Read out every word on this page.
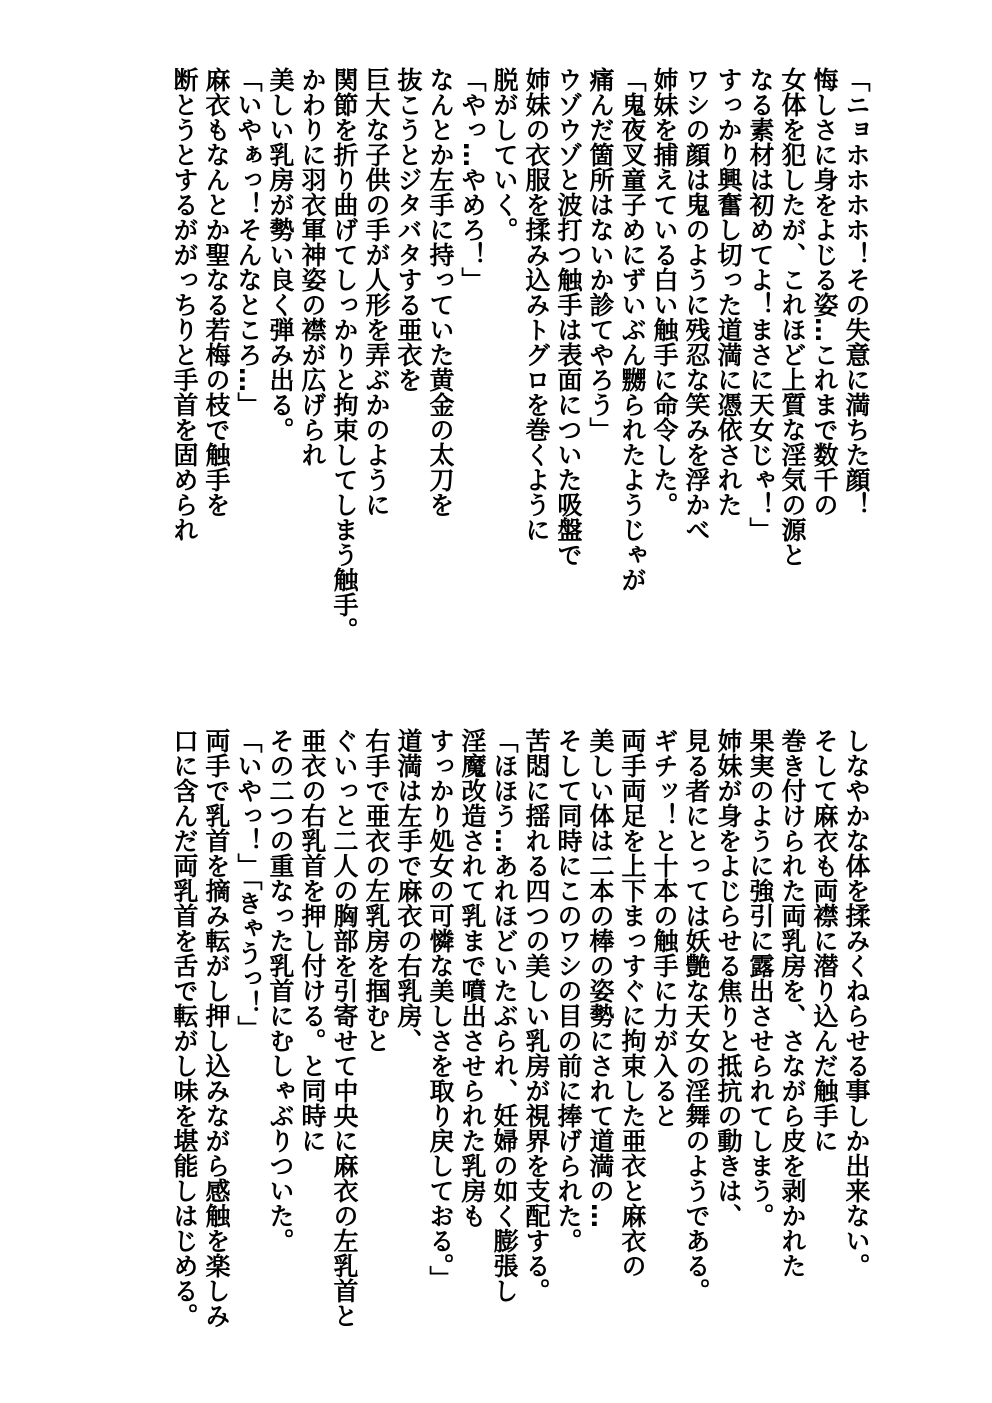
「ニョホホホホ！その失意に満ちた顔！
悔しさに身をよじる姿…これまで数千の
女体を犯したが、これほど上質な淫気の源と
なる素材は初めてよ！まさに天女じゃ！」
すっかり興奮し切った道満に憑依された
ワシの顔は鬼のように残忍な笑みを浮かべ
姉妹を捕えている白い触手に命令した。
「鬼夜叉童子めにずいぶん嬲られたようじゃが
痛んだ箇所はないか診てやろう」
ウゾウゾと波打つ触手は表面についた吸盤で
姉妹の衣服を揉み込みトグロを巻くように
脱がしていく。
「やっ…やめろ！」
なんとか左手に持っていた黄金の太刀を
抜こうとジタバタする亜衣を
巨大な子供の手が人形を弄ぶかのように
関節を折り曲げてしっかりと拘束してしまう触手。
かわりに羽衣軍神姿の襟が広げられ
美しい乳房が勢い良く弾み出る。
「いやぁっ！そんなところ…」
麻衣もなんとか聖なる若梅の枝で触手を
断とうとするががっちりと手首を固められ
しなやかな体を揉みくねらせる事しか出来ない。
そして麻衣も両襟に潜り込んだ触手に
巻き付けられた両乳房を、さながら皮を剥かれた
果実のように強引に露出させられてしまう。
姉妹が身をよじらせる焦りと抵抗の動きは、
見る者にとっては妖艶な天女の淫舞のようである。
ギチッ！と十本の触手に力が入ると
両手両足を上下まっすぐに拘束した亜衣と麻衣の
美しい体は二本の棒の姿勢にされて道満の…
そして同時にこのワシの目の前に捧げられた。
苦悶に揺れる四つの美しい乳房が視界を支配する。
「ほほう…あれほどいたぶられ、妊婦の如く膨張し
淫魔改造されて乳まで噴出させられた乳房も
すっかり処女の可憐な美しさを取り戻しておる。」
道満は左手で麻衣の右乳房、
右手で亜衣の左乳房を掴むと
ぐいっと二人の胸部を引寄せて中央に麻衣の左乳首と
亜衣の右乳首を押し付ける。と同時に
その二つの重なった乳首にむしゃぶりついた。
「いやっ！」「きゃうっ！」
両手で乳首を摘み転がし押し込みながら感触を楽しみ
口に含んだ両乳首を舌で転がし味を堪能しはじめる。
